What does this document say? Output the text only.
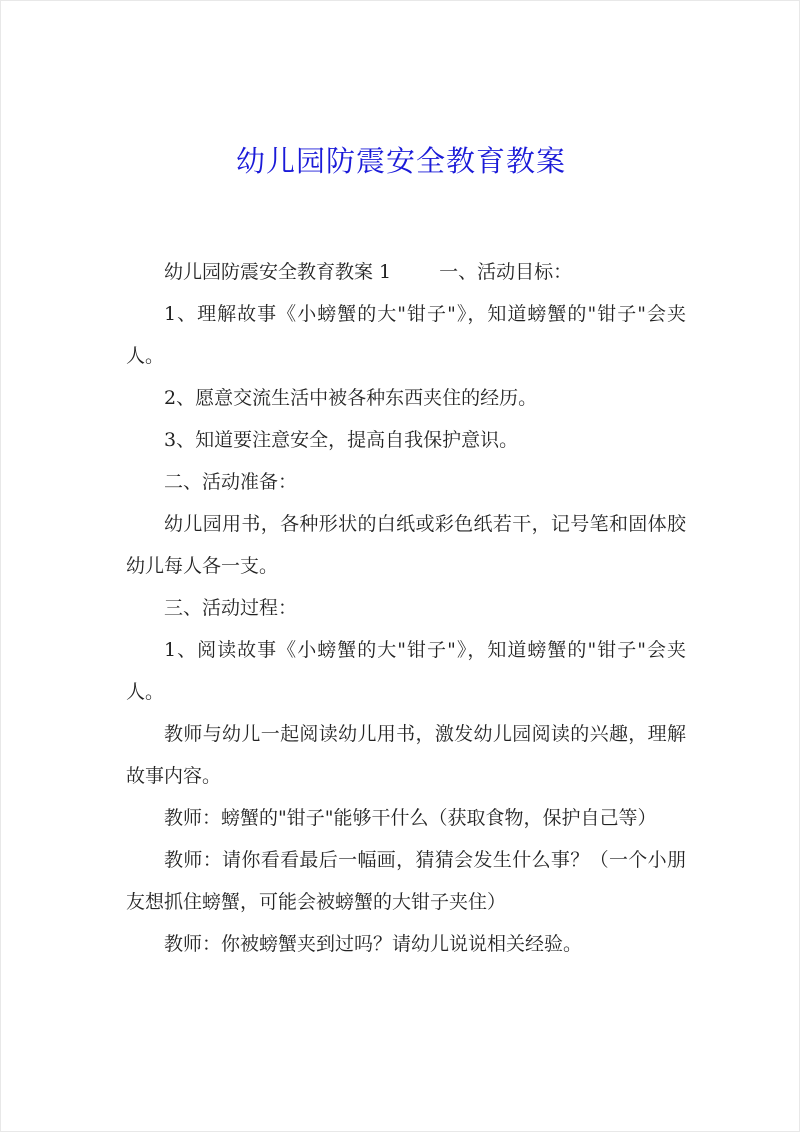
幼儿园防震安全教育教案

幼儿园防震安全教育教案 1	一、活动目标：

1、理解故事《小螃蟹的大"钳子"》，知道螃蟹的"钳子"会夹人。

2、愿意交流生活中被各种东西夹住的经历。

3、知道要注意安全，提高自我保护意识。

二、活动准备：

幼儿园用书，各种形状的白纸或彩色纸若干，记号笔和固体胶幼儿每人各一支。

三、活动过程：

1、阅读故事《小螃蟹的大"钳子"》，知道螃蟹的"钳子"会夹人。

教师与幼儿一起阅读幼儿用书，激发幼儿园阅读的兴趣，理解故事内容。

教师：螃蟹的"钳子"能够干什么（获取食物，保护自己等）

教师：请你看看最后一幅画，猜猜会发生什么事？（一个小朋友想抓住螃蟹，可能会被螃蟹的大钳子夹住）

教师：你被螃蟹夹到过吗？请幼儿说说相关经验。
